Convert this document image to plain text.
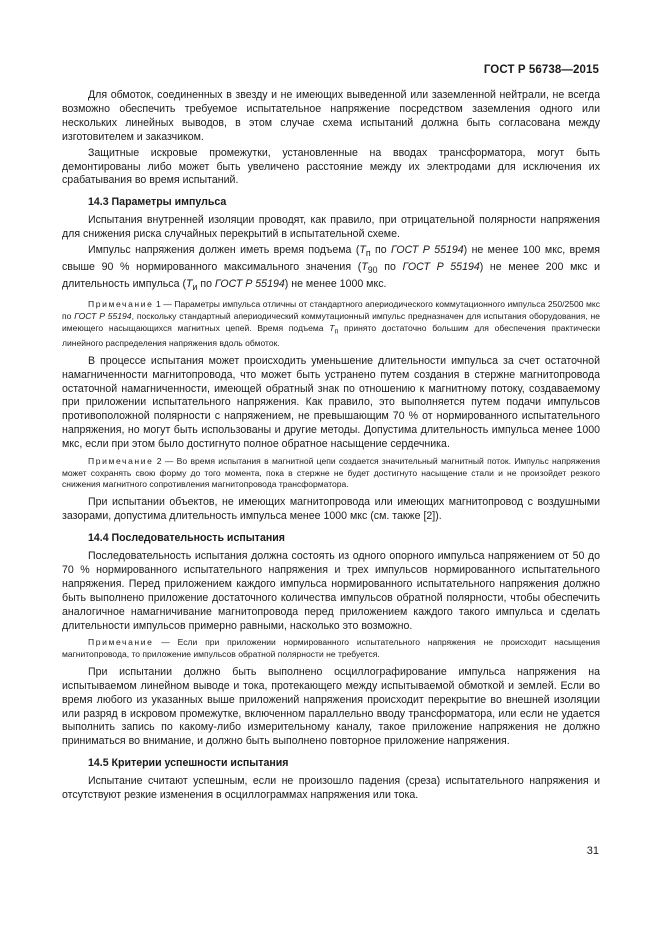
ГОСТ Р 56738—2015

Для обмоток, соединенных в звезду и не имеющих выведенной или заземленной нейтрали, не всегда возможно обеспечить требуемое испытательное напряжение посредством заземления одного или нескольких линейных выводов, в этом случае схема испытаний должна быть согласована между изготовителем и заказчиком.

Защитные искровые промежутки, установленные на вводах трансформатора, могут быть демонтированы либо может быть увеличено расстояние между их электродами для исключения их срабатывания во время испытаний.

14.3 Параметры импульса

Испытания внутренней изоляции проводят, как правило, при отрицательной полярности напряжения для снижения риска случайных перекрытий в испытательной схеме.

Импульс напряжения должен иметь время подъема ($T_п$ по ГОСТ Р 55194) не менее 100 мкс, время свыше 90 % нормированного максимального значения ($T_{90}$ по ГОСТ Р 55194) не менее 200 мкс и длительность импульса ($T_и$ по ГОСТ Р 55194) не менее 1000 мкс.

Примечание 1 — Параметры импульса отличны от стандартного апериодического коммутационного импульса 250/2500 мкс по ГОСТ Р 55194, поскольку стандартный апериодический коммутационный импульс предназначен для испытания оборудования, не имеющего насыщающихся магнитных цепей. Время подъема $T_п$ принято достаточно большим для обеспечения практически линейного распределения напряжения вдоль обмоток.

В процессе испытания может происходить уменьшение длительности импульса за счет остаточной намагниченности магнитопровода, что может быть устранено путем создания в стержне магнитопровода остаточной намагниченности, имеющей обратный знак по отношению к магнитному потоку, создаваемому при приложении испытательного напряжения. Как правило, это выполняется путем подачи импульсов противоположной полярности с напряжением, не превышающим 70 % от нормированного испытательного напряжения, но могут быть использованы и другие методы. Допустима длительность импульса менее 1000 мкс, если при этом было достигнуто полное обратное насыщение сердечника.

Примечание 2 — Во время испытания в магнитной цепи создается значительный магнитный поток. Импульс напряжения может сохранять свою форму до того момента, пока в стержне не будет достигнуто насыщение стали и не произойдет резкого снижения магнитного сопротивления магнитопровода трансформатора.

При испытании объектов, не имеющих магнитопровода или имеющих магнитопровод с воздушными зазорами, допустима длительность импульса менее 1000 мкс (см. также [2]).

14.4 Последовательность испытания

Последовательность испытания должна состоять из одного опорного импульса напряжением от 50 до 70 % нормированного испытательного напряжения и трех импульсов нормированного испытательного напряжения. Перед приложением каждого импульса нормированного испытательного напряжения должно быть выполнено приложение достаточного количества импульсов обратной полярности, чтобы обеспечить аналогичное намагничивание магнитопровода перед приложением каждого такого импульса и сделать длительности импульсов примерно равными, насколько это возможно.

Примечание — Если при приложении нормированного испытательного напряжения не происходит насыщения магнитопровода, то приложение импульсов обратной полярности не требуется.

При испытании должно быть выполнено осциллографирование импульса напряжения на испытываемом линейном выводе и тока, протекающего между испытываемой обмоткой и землей. Если во время любого из указанных выше приложений напряжения происходит перекрытие во внешней изоляции или разряд в искровом промежутке, включенном параллельно вводу трансформатора, или если не удается выполнить запись по какому-либо измерительному каналу, такое приложение напряжения не должно приниматься во внимание, и должно быть выполнено повторное приложение напряжения.

14.5 Критерии успешности испытания

Испытание считают успешным, если не произошло падения (среза) испытательного напряжения и отсутствуют резкие изменения в осциллограммах напряжения или тока.

31
